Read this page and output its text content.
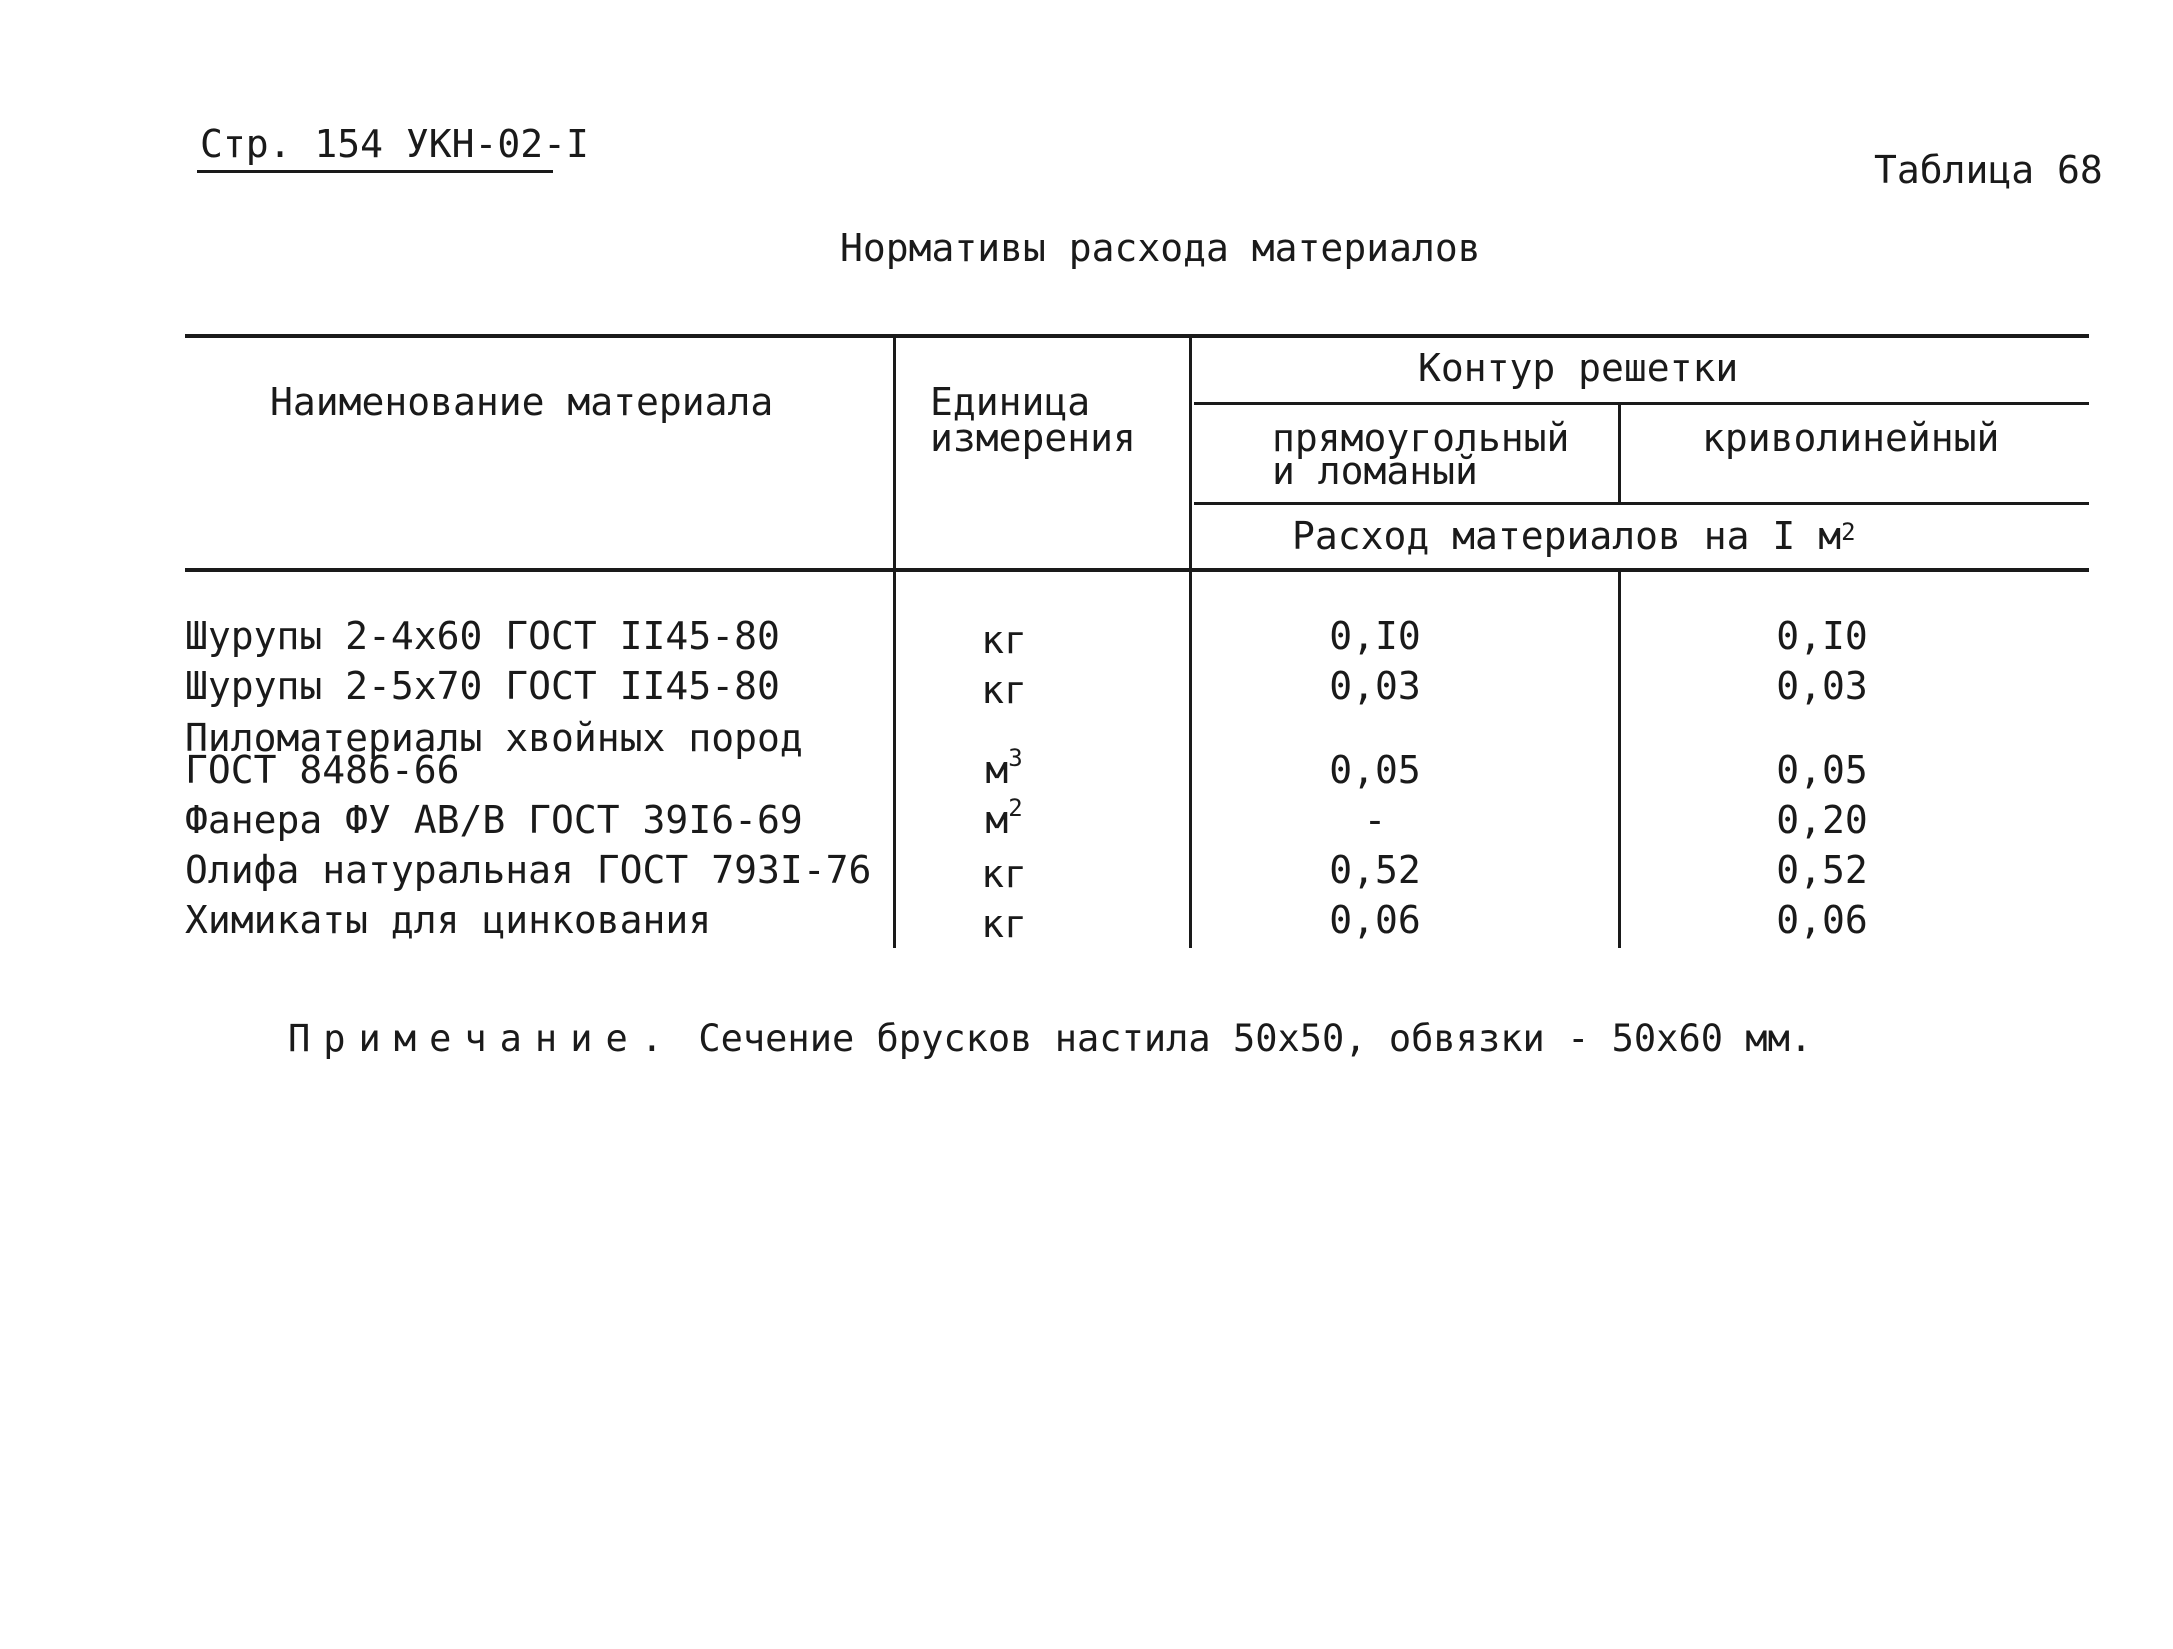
Стр. 154 УКН-02-I
Таблица 68
Нормативы расхода материалов
Наименование материала	Единица
измерения
Контур решетки
прямоугольный
и ломаный
криволинейный
Расход материалов на I $м^2$
Шурупы 2-4х60 ГОСТ II45-80	кг	0,I0	0,I0
Шурупы 2-5х70 ГОСТ II45-80	кг	0,03	0,03
Пиломатериалы хвойных пород
ГОСТ 8486-66	$м^3$	0,05	0,05
Фанера ФУ АВ/В ГОСТ 39I6-69	$м^2$	-	0,20
Олифа натуральная ГОСТ 793I-76	кг	0,52	0,52
Химикаты для цинкования	кг	0,06	0,06
Примечание. Сечение брусков настила 50х50, обвязки - 50х60 мм.
